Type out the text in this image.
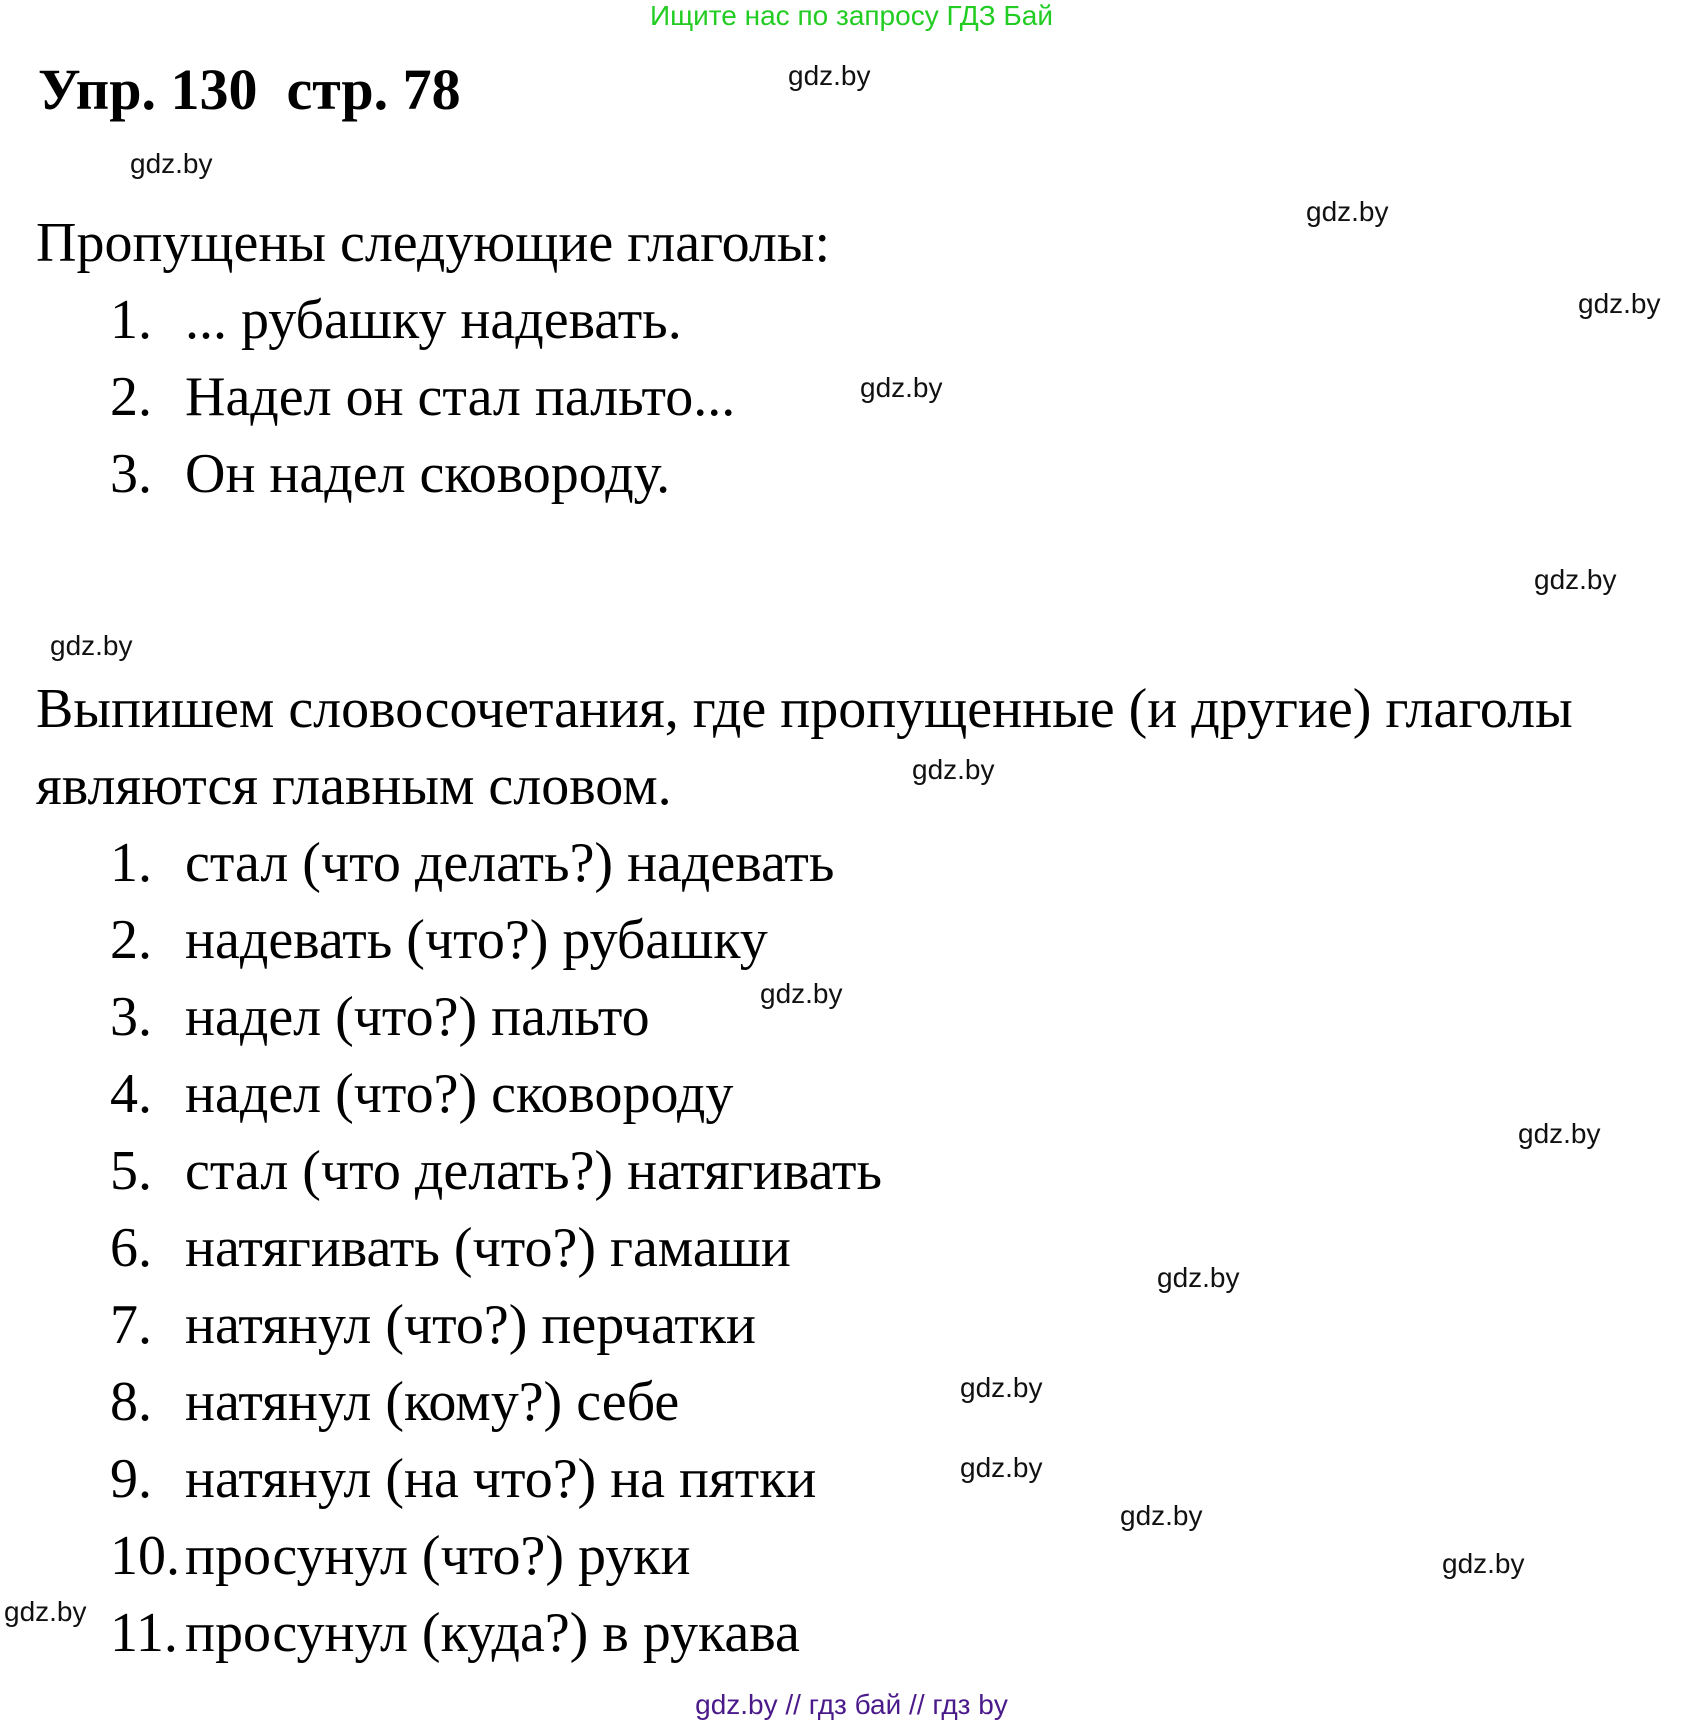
Ищите нас по запросу ГДЗ Бай
Упр. 130  стр. 78
Пропущены следующие глаголы:
1. ... рубашку надевать.
2. Надел он стал пальто...
3. Он надел сковороду.
Выпишем словосочетания, где пропущенные (и другие) глаголы
являются главным словом.
1. стал (что делать?) надевать
2. надевать (что?) рубашку
3. надел (что?) пальто
4. надел (что?) сковороду
5. стал (что делать?) натягивать
6. натягивать (что?) гамаши
7. натянул (что?) перчатки
8. натянул (кому?) себе
9. натянул (на что?) на пятки
10.просунул (что?) руки
11. просунул (куда?) в рукава
gdz.by
gdz.by
gdz.by
gdz.by
gdz.by
gdz.by
gdz.by
gdz.by
gdz.by
gdz.by
gdz.by
gdz.by
gdz.by
gdz.by
gdz.by
gdz.by
gdz.by // гдз бай // гдз by
